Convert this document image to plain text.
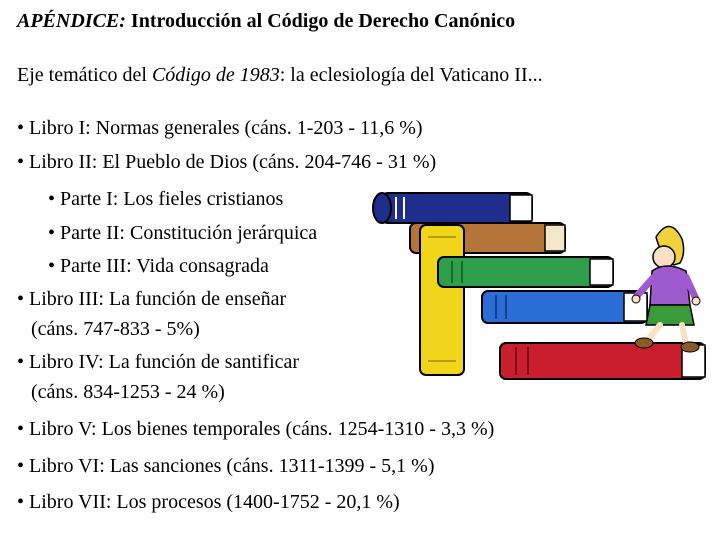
APÉNDICE: Introducción al Código de Derecho Canónico
Eje temático del Código de 1983: la eclesiología del Vaticano II...
• Libro I: Normas generales (cáns. 1-203 - 11,6 %)
• Libro II: El Pueblo de Dios (cáns. 204-746 - 31 %)
• Parte I: Los fieles cristianos
• Parte II: Constitución jerárquica
• Parte III: Vida consagrada
• Libro III: La función de enseñar
(cáns. 747-833 - 5%)
• Libro IV: La función de santificar
(cáns. 834-1253 - 24 %)
• Libro V: Los bienes temporales (cáns. 1254-1310 - 3,3 %)
• Libro VI: Las sanciones (cáns. 1311-1399 - 5,1 %)
• Libro VII: Los procesos (1400-1752 - 20,1 %)
